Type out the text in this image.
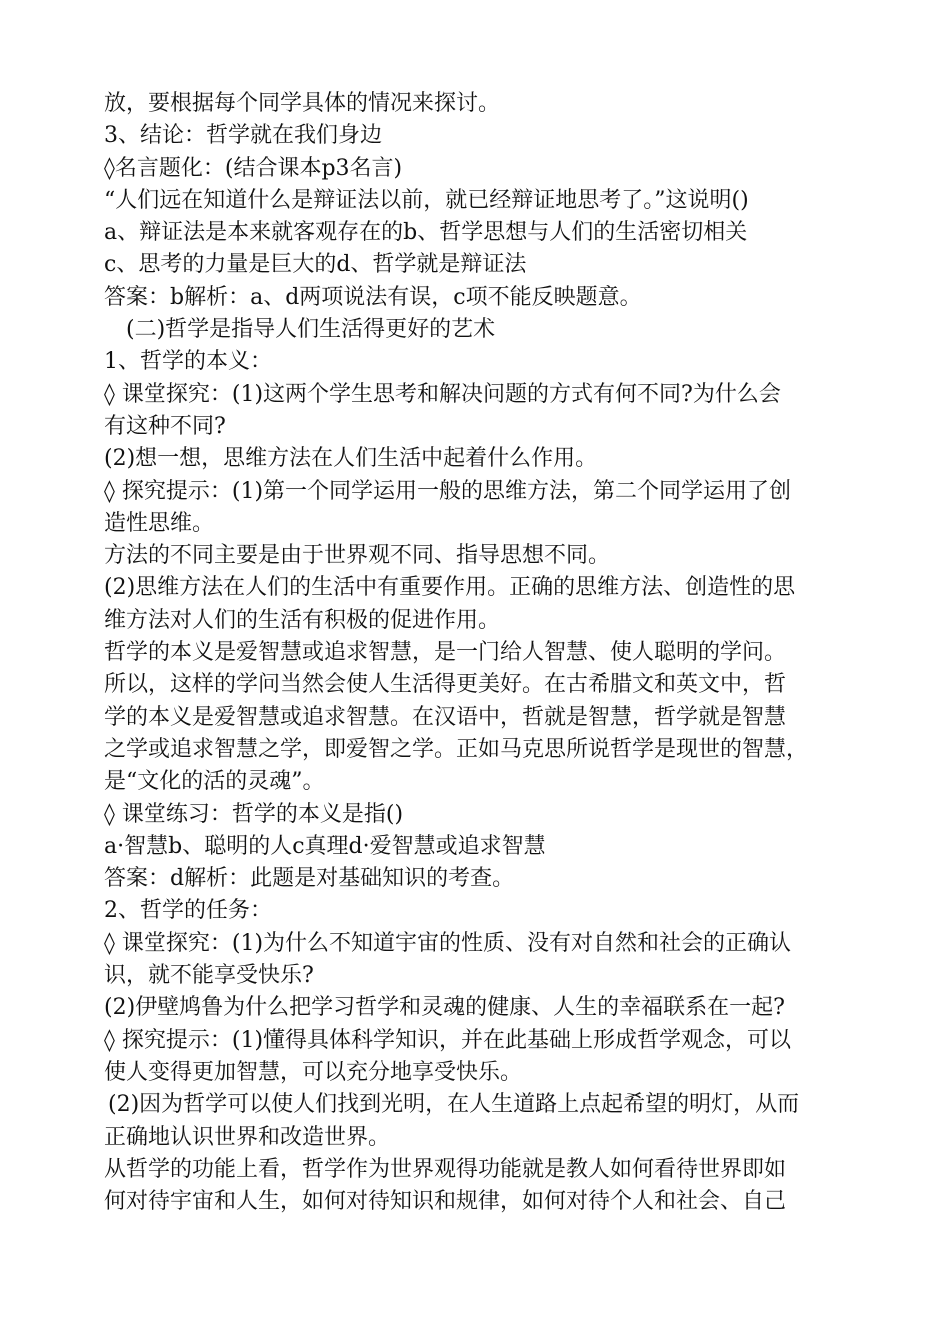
放，要根据每个同学具体的情况来探讨。
3、结论：哲学就在我们身边
◊名言题化：(结合课本p3名言)
“人们远在知道什么是辩证法以前，就已经辩证地思考了。”这说明()
a、辩证法是本来就客观存在的b、哲学思想与人们的生活密切相关
c、思考的力量是巨大的d、哲学就是辩证法
答案：b解析：a、d两项说法有误，c项不能反映题意。
(二)哲学是指导人们生活得更好的艺术
1、哲学的本义：
◊ 课堂探究：(1)这两个学生思考和解决问题的方式有何不同?为什么会
有这种不同?
(2)想一想，思维方法在人们生活中起着什么作用。
◊ 探究提示：(1)第一个同学运用一般的思维方法，第二个同学运用了创
造性思维。
方法的不同主要是由于世界观不同、指导思想不同。
(2)思维方法在人们的生活中有重要作用。正确的思维方法、创造性的思
维方法对人们的生活有积极的促进作用。
哲学的本义是爱智慧或追求智慧，是一门给人智慧、使人聪明的学问。
所以，这样的学问当然会使人生活得更美好。在古希腊文和英文中，哲
学的本义是爱智慧或追求智慧。在汉语中，哲就是智慧，哲学就是智慧
之学或追求智慧之学，即爱智之学。正如马克思所说哲学是现世的智慧，
是“文化的活的灵魂”。
◊ 课堂练习：哲学的本义是指()
a·智慧b、聪明的人c真理d·爱智慧或追求智慧
答案：d解析：此题是对基础知识的考查。
2、哲学的任务：
◊ 课堂探究：(1)为什么不知道宇宙的性质、没有对自然和社会的正确认
识，就不能享受快乐?
(2)伊壁鸠鲁为什么把学习哲学和灵魂的健康、人生的幸福联系在一起?
◊ 探究提示：(1)懂得具体科学知识，并在此基础上形成哲学观念，可以
使人变得更加智慧，可以充分地享受快乐。
(2)因为哲学可以使人们找到光明，在人生道路上点起希望的明灯，从而
正确地认识世界和改造世界。
从哲学的功能上看，哲学作为世界观得功能就是教人如何看待世界即如
何对待宇宙和人生，如何对待知识和规律，如何对待个人和社会、自己
